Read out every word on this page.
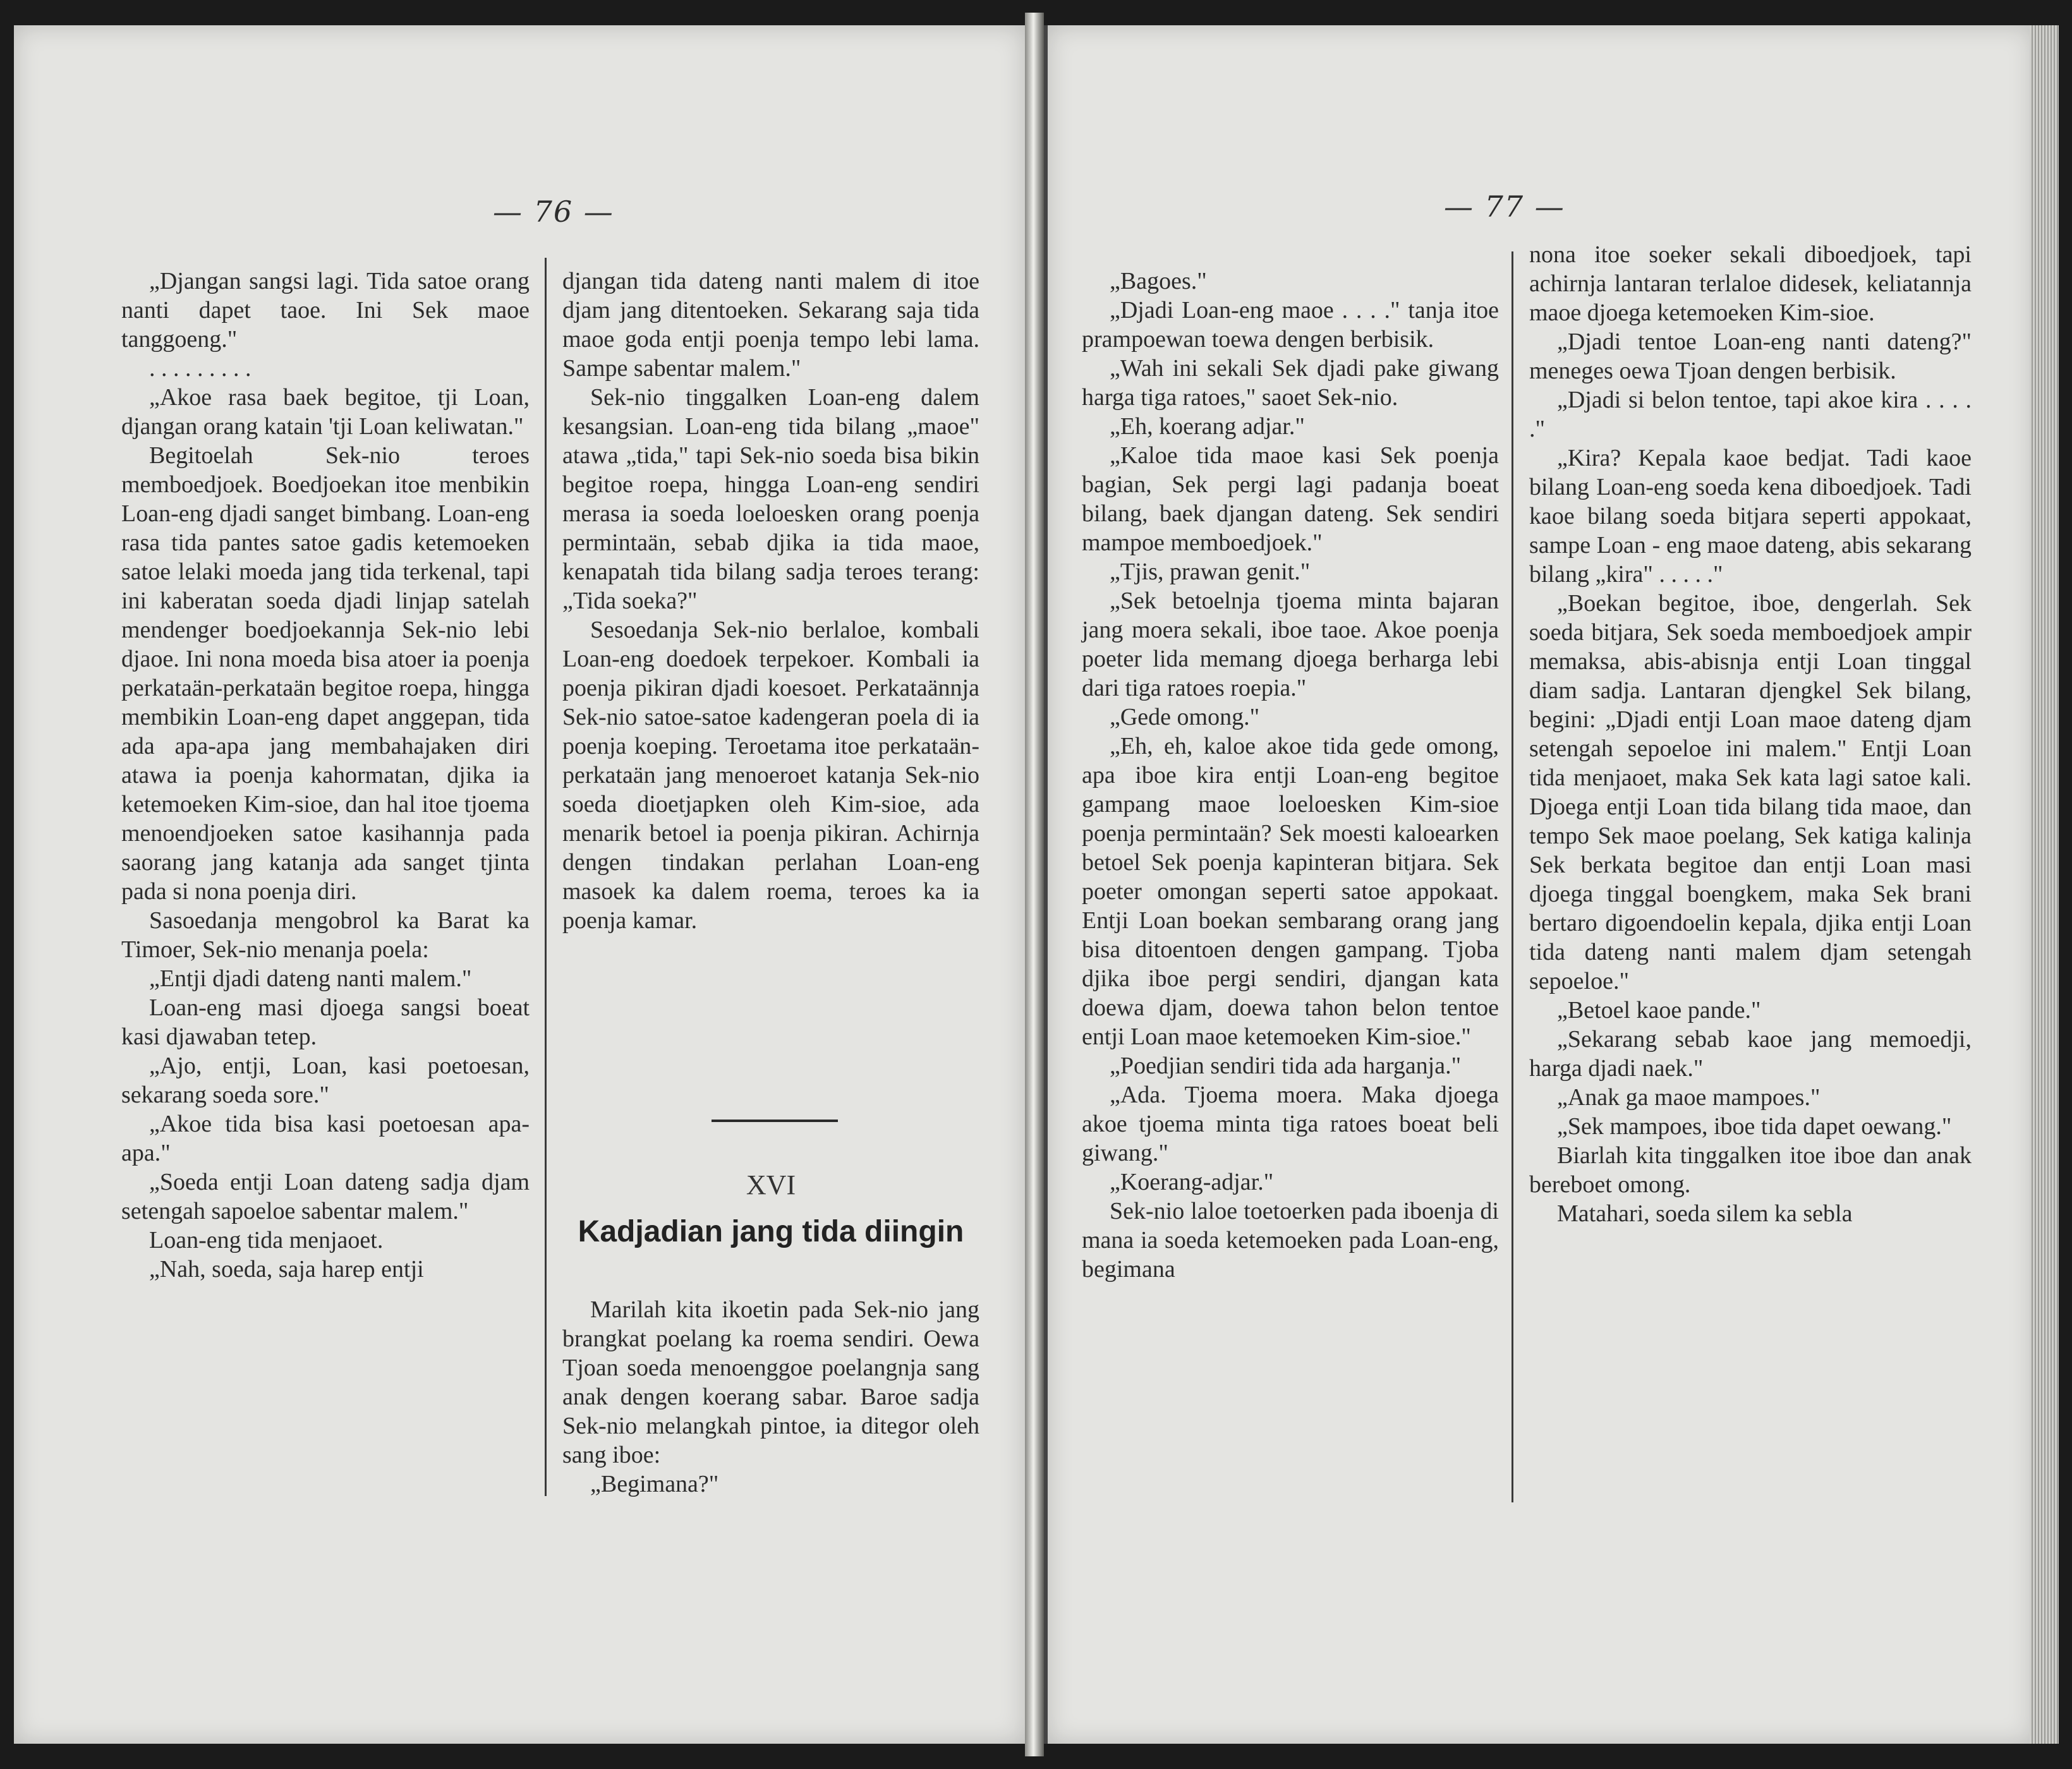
— 76 —

„Djangan sangsi lagi. Tida satoe orang nanti dapet taoe. Ini Sek maoe tanggoeng."

. . . . . . . . .

„Akoe rasa baek begitoe, tji Loan, djangan orang katain 'tji Loan keliwatan."

Begitoelah Sek-nio teroes memboedjoek. Boedjoekan itoe menbikin Loan-eng djadi sanget bimbang. Loan-eng rasa tida pantes satoe gadis ketemoeken satoe lelaki moeda jang tida terkenal, tapi ini kaberatan soeda djadi linjap satelah mendenger boedjoekannja Sek-nio lebi djaoe. Ini nona moeda bisa atoer ia poenja perkataän-perkataän begitoe roepa, hingga membikin Loan-eng dapet anggepan, tida ada apa-apa jang membahajaken diri atawa ia poenja kahormatan, djika ia ketemoeken Kim-sioe, dan hal itoe tjoema menoendjoeken satoe kasihannja pada saorang jang katanja ada sanget tjinta pada si nona poenja diri.

Sasoedanja mengobrol ka Barat ka Timoer, Sek-nio menanja poela:

„Entji djadi dateng nanti malem."

Loan-eng masi djoega sangsi boeat kasi djawaban tetep.

„Ajo, entji, Loan, kasi poetoesan, sekarang soeda sore."

„Akoe tida bisa kasi poetoesan apa-apa."

„Soeda entji Loan dateng sadja djam setengah sapoeloe sabentar malem."

Loan-eng tida menjaoet.

„Nah, soeda, saja harep entji

djangan tida dateng nanti malem di itoe djam jang ditentoeken. Sekarang saja tida maoe goda entji poenja tempo lebi lama. Sampe sabentar malem."

Sek-nio tinggalken Loan-eng dalem kesangsian. Loan-eng tida bilang „maoe" atawa „tida," tapi Sek-nio soeda bisa bikin begitoe roepa, hingga Loan-eng sendiri merasa ia soeda loeloesken orang poenja permintaän, sebab djika ia tida maoe, kenapatah tida bilang sadja teroes terang: „Tida soeka?"

Sesoedanja Sek-nio berlaloe, kombali Loan-eng doedoek terpekoer. Kombali ia poenja pikiran djadi koesoet. Perkataännja Sek-nio satoe-satoe kadengeran poela di ia poenja koeping. Teroetama itoe perkataän-perkataän jang menoeroet katanja Sek-nio soeda dioetjapken oleh Kim-sioe, ada menarik betoel ia poenja pikiran. Achirnja dengen tindakan perlahan Loan-eng masoek ka dalem roema, teroes ka ia poenja kamar.

XVI
Kadjadian jang tida diingin

Marilah kita ikoetin pada Sek-nio jang brangkat poelang ka roema sendiri. Oewa Tjoan soeda menoenggoe poelangnja sang anak dengen koerang sabar. Baroe sadja Sek-nio melangkah pintoe, ia ditegor oleh sang iboe:

„Begimana?"

— 77 —

„Bagoes."

„Djadi Loan-eng maoe . . . ." tanja itoe prampoewan toewa dengen berbisik.

„Wah ini sekali Sek djadi pake giwang harga tiga ratoes," saoet Sek-nio.

„Eh, koerang adjar."

„Kaloe tida maoe kasi Sek poenja bagian, Sek pergi lagi padanja boeat bilang, baek djangan dateng. Sek sendiri mampoe memboedjoek."

„Tjis, prawan genit."

„Sek betoelnja tjoema minta bajaran jang moera sekali, iboe taoe. Akoe poenja poeter lida memang djoega berharga lebi dari tiga ratoes roepia."

„Gede omong."

„Eh, eh, kaloe akoe tida gede omong, apa iboe kira entji Loan-eng begitoe gampang maoe loeloesken Kim-sioe poenja permintaän? Sek moesti kaloearken betoel Sek poenja kapinteran bitjara. Sek poeter omongan seperti satoe appokaat. Entji Loan boekan sembarang orang jang bisa ditoentoen dengen gampang. Tjoba djika iboe pergi sendiri, djangan kata doewa djam, doewa tahon belon tentoe entji Loan maoe ketemoeken Kim-sioe."

„Poedjian sendiri tida ada harganja."

„Ada. Tjoema moera. Maka djoega akoe tjoema minta tiga ratoes boeat beli giwang."

„Koerang-adjar."

Sek-nio laloe toetoerken pada iboenja di mana ia soeda ketemoeken pada Loan-eng, begimana

nona itoe soeker sekali diboedjoek, tapi achirnja lantaran terlaloe didesek, keliatannja maoe djoega ketemoeken Kim-sioe.

„Djadi tentoe Loan-eng nanti dateng?" meneges oewa Tjoan dengen berbisik.

„Djadi si belon tentoe, tapi akoe kira . . . . ."

„Kira? Kepala kaoe bedjat. Tadi kaoe bilang Loan-eng soeda kena diboedjoek. Tadi kaoe bilang soeda bitjara seperti appokaat, sampe Loan - eng maoe dateng, abis sekarang bilang „kira" . . . . ."

„Boekan begitoe, iboe, dengerlah. Sek soeda bitjara, Sek soeda memboedjoek ampir memaksa, abis-abisnja entji Loan tinggal diam sadja. Lantaran djengkel Sek bilang, begini: „Djadi entji Loan maoe dateng djam setengah sepoeloe ini malem." Entji Loan tida menjaoet, maka Sek kata lagi satoe kali. Djoega entji Loan tida bilang tida maoe, dan tempo Sek maoe poelang, Sek katiga kalinja Sek berkata begitoe dan entji Loan masi djoega tinggal boengkem, maka Sek brani bertaro digoendoelin kepala, djika entji Loan tida dateng nanti malem djam setengah sepoeloe."

„Betoel kaoe pande."

„Sekarang sebab kaoe jang memoedji, harga djadi naek."

„Anak ga maoe mampoes."

„Sek mampoes, iboe tida dapet oewang."

Biarlah kita tinggalken itoe iboe dan anak bereboet omong.

Matahari, soeda silem ka sebla
